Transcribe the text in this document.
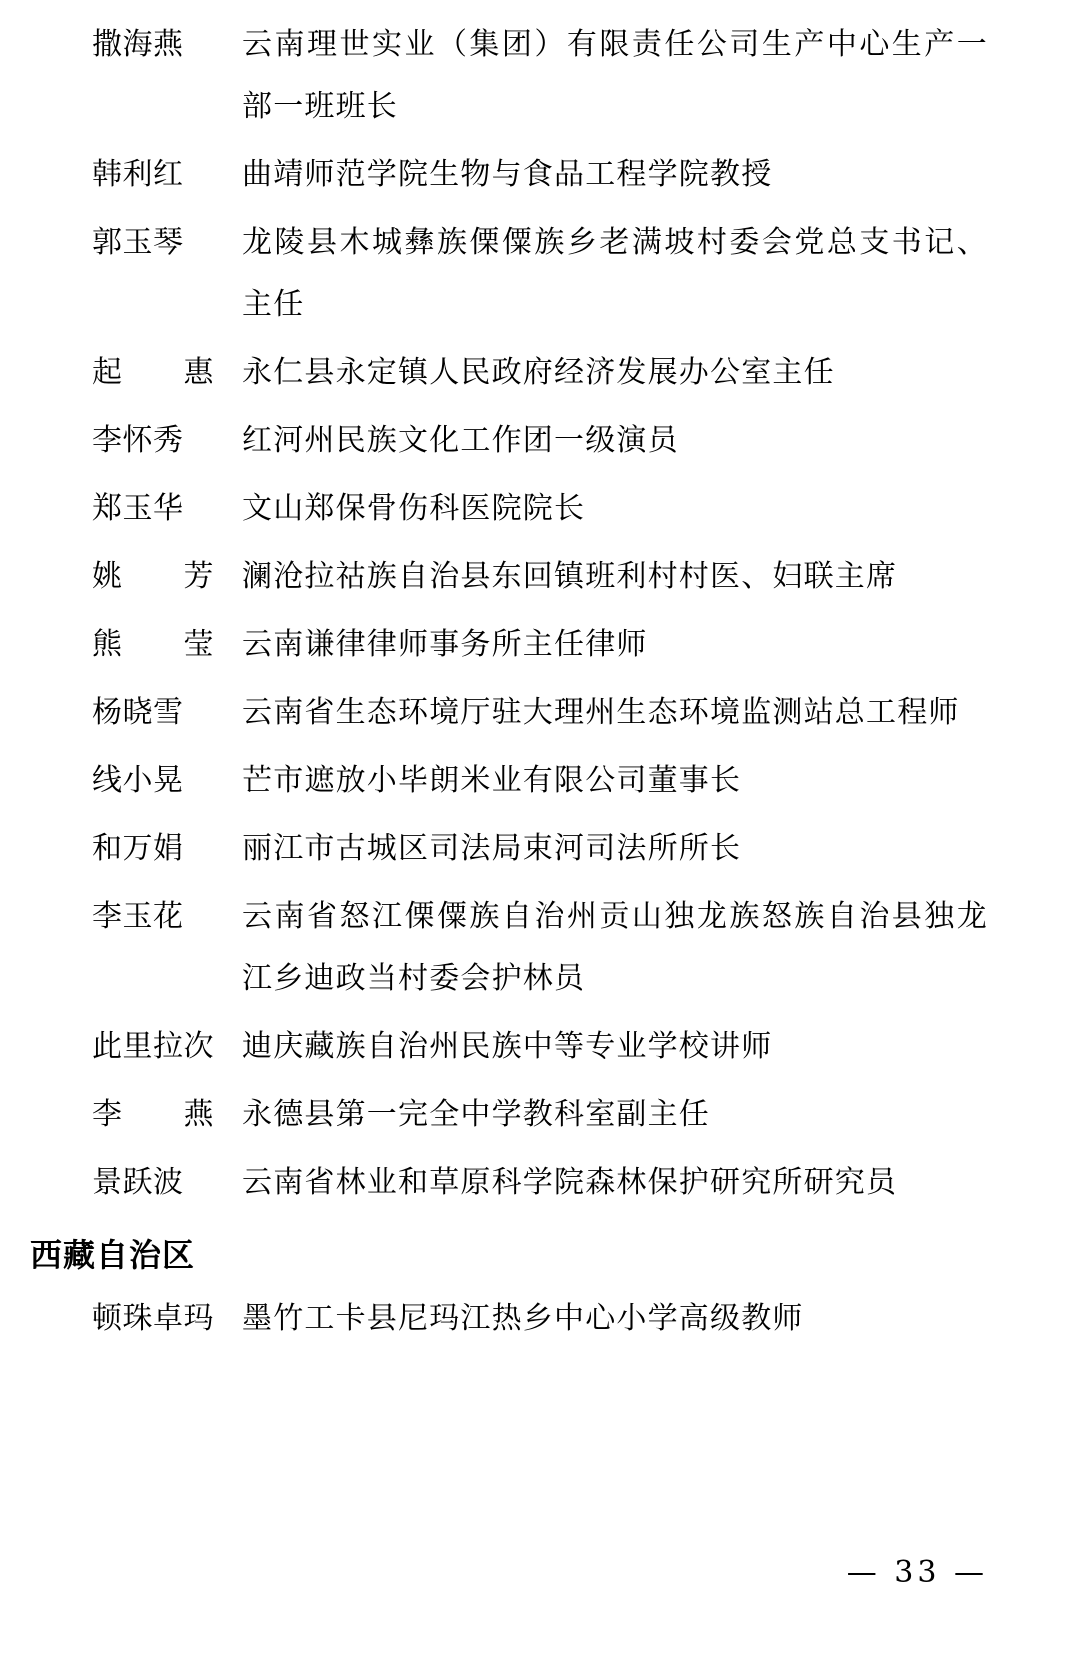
撒海燕	云南理世实业（集团）有限责任公司生产中心生产一部一班班长
韩利红	曲靖师范学院生物与食品工程学院教授
郭玉琴	龙陵县木城彝族傈僳族乡老满坡村委会党总支书记、主任
起　　惠 永仁县永定镇人民政府经济发展办公室主任
李怀秀	红河州民族文化工作团一级演员
郑玉华	文山郑保骨伤科医院院长
姚　　芳 澜沧拉祜族自治县东回镇班利村村医、妇联主席
熊　　莹 云南谦律律师事务所主任律师
杨晓雪	云南省生态环境厅驻大理州生态环境监测站总工程师
线小晃	芒市遮放小毕朗米业有限公司董事长
和万娟	丽江市古城区司法局束河司法所所长
李玉花	云南省怒江傈僳族自治州贡山独龙族怒族自治县独龙江乡迪政当村委会护林员
此里拉次 迪庆藏族自治州民族中等专业学校讲师
李　　燕 永德县第一完全中学教科室副主任
景跃波	云南省林业和草原科学院森林保护研究所研究员
西藏自治区
顿珠卓玛 墨竹工卡县尼玛江热乡中心小学高级教师
— 33 —
